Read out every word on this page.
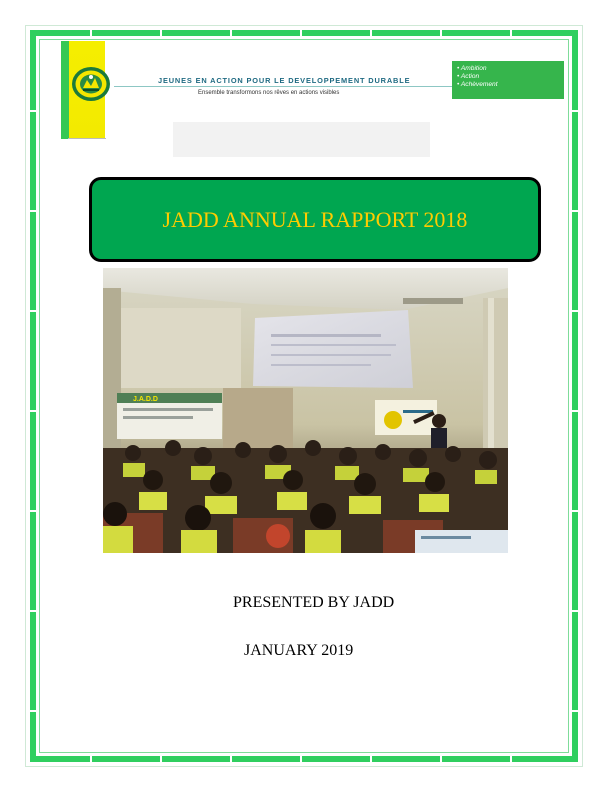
JEUNES EN ACTION POUR LE DEVELOPPEMENT DURABLE
Ensemble transformons nos rêves en actions visibles
• Ambition
• Action
• Achèvement
JADD ANNUAL RAPPORT 2018
J.A.D.D
PRESENTED BY JADD
JANUARY 2019
